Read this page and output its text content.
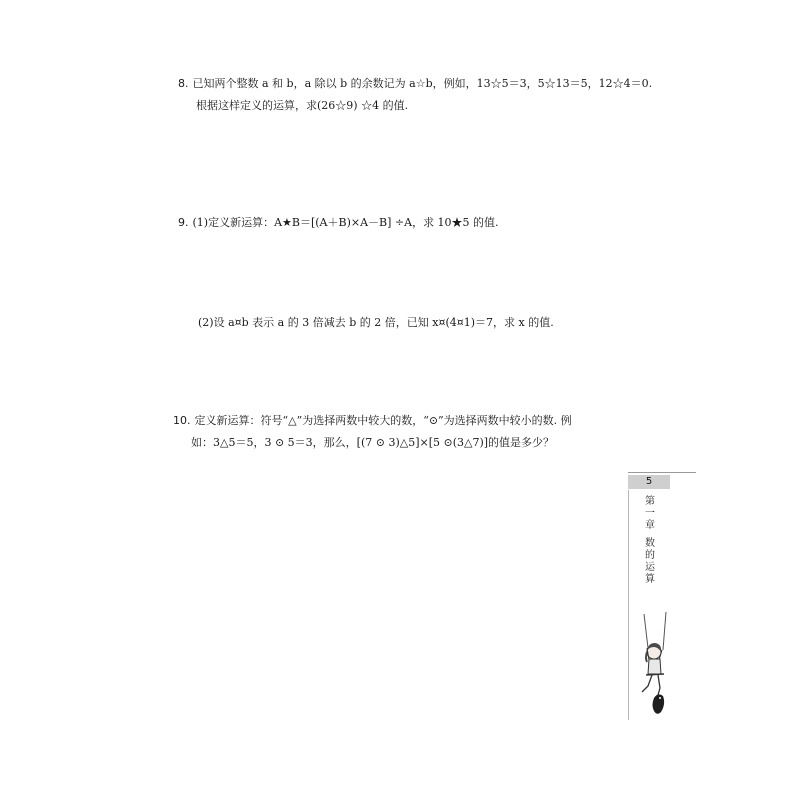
8. 已知两个整数 a 和 b，a 除以 b 的余数记为 a☆b，例如，13☆5＝3，5☆13＝5，12☆4＝0.
根据这样定义的运算，求(26☆9) ☆4 的值.
9. (1)定义新运算：A★B＝[(A＋B)×A－B] ÷A，求 10★5 的值.
(2)设 a¤b 表示 a 的 3 倍减去 b 的 2 倍，已知 x¤(4¤1)＝7，求 x 的值.
10. 定义新运算：符号“△”为选择两数中较大的数，“⊙”为选择两数中较小的数. 例
如：3△5＝5，3 ⊙ 5＝3，那么，[(7 ⊙ 3)△5]×[5 ⊙(3△7)]的值是多少？
5
第
一
章
数
的
运
算
